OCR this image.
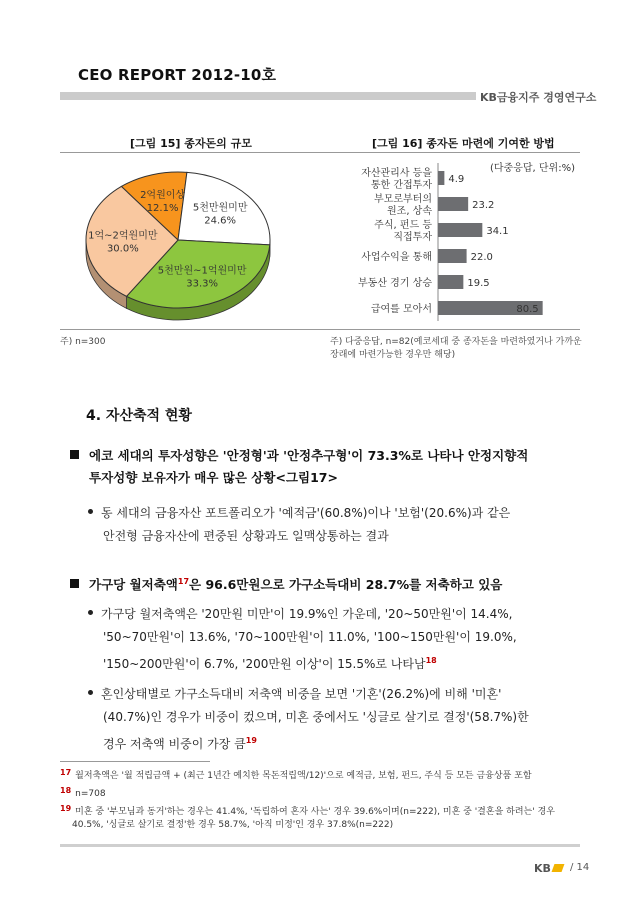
CEO REPORT 2012-10호
KB금융지주 경영연구소
[그림 15] 종자돈의 규모	[그림 16] 종자돈 마련에 기여한 방법
2억원이상
12.1% 5천만원미만
24.6%
5천만원~1억원미만
33.3%
1억~2억원미만
30.0%
(다중응답, 단위:%)
4.9
자산관리사 등을
통한 간접투자
23.2
부모로부터의
원조, 상속
34.1
주식, 펀드 등
직접투자
22.0
사업수익을 통해
19.5
부동산 경기 상승
80.5
급여를 모아서
주) n=300	주) 다중응답, n=82(예코세대 중 종자돈을 마련하였거나 가까운 장래에 마련가능한 경우만 해당)
4. 자산축적 현황
에코 세대의 투자성향은 '안정형'과 '안정추구형'이 73.3%로 나타나 안정지향적
투자성향 보유자가 매우 많은 상황<그림17>
동 세대의 금융자산 포트폴리오가 '예적금'(60.8%)이나 '보험'(20.6%)과 같은
안전형 금융자산에 편중된 상황과도 일맥상통하는 결과
가구당 월저축액$^{17}$은 96.6만원으로 가구소득대비 28.7%를 저축하고 있음
가구당 월저축액은 '20만원 미만'이 19.9%인 가운데, '20~50만원'이 14.4%,
'50~70만원'이 13.6%, '70~100만원'이 11.0%, '100~150만원'이 19.0%,
'150~200만원'이 6.7%, '200만원 이상'이 15.5%로 나타남$^{18}$
혼인상태별로 가구소득대비 저축액 비중을 보면 '기혼'(26.2%)에 비해 '미혼'
(40.7%)인 경우가 비중이 컸으며, 미혼 중에서도 '싱글로 살기로 결정'(58.7%)한
경우 저축액 비중이 가장 큼$^{19}$
17 월저축액은 '월 적립금액 + (최근 1년간 예치한 목돈적립액/12)'으로 예적금, 보험, 펀드, 주식 등 모든 금융상품 포함
18 n=708
19 미혼 중 '부모님과 동거'하는 경우는 41.4%, '독립하여 혼자 사는' 경우 39.6%이며(n=222), 미혼 중 '결혼을 하려는' 경우
40.5%, '싱글로 살기로 결정'한 경우 58.7%, '아직 미정'인 경우 37.8%(n=222)
KB	/ 14
